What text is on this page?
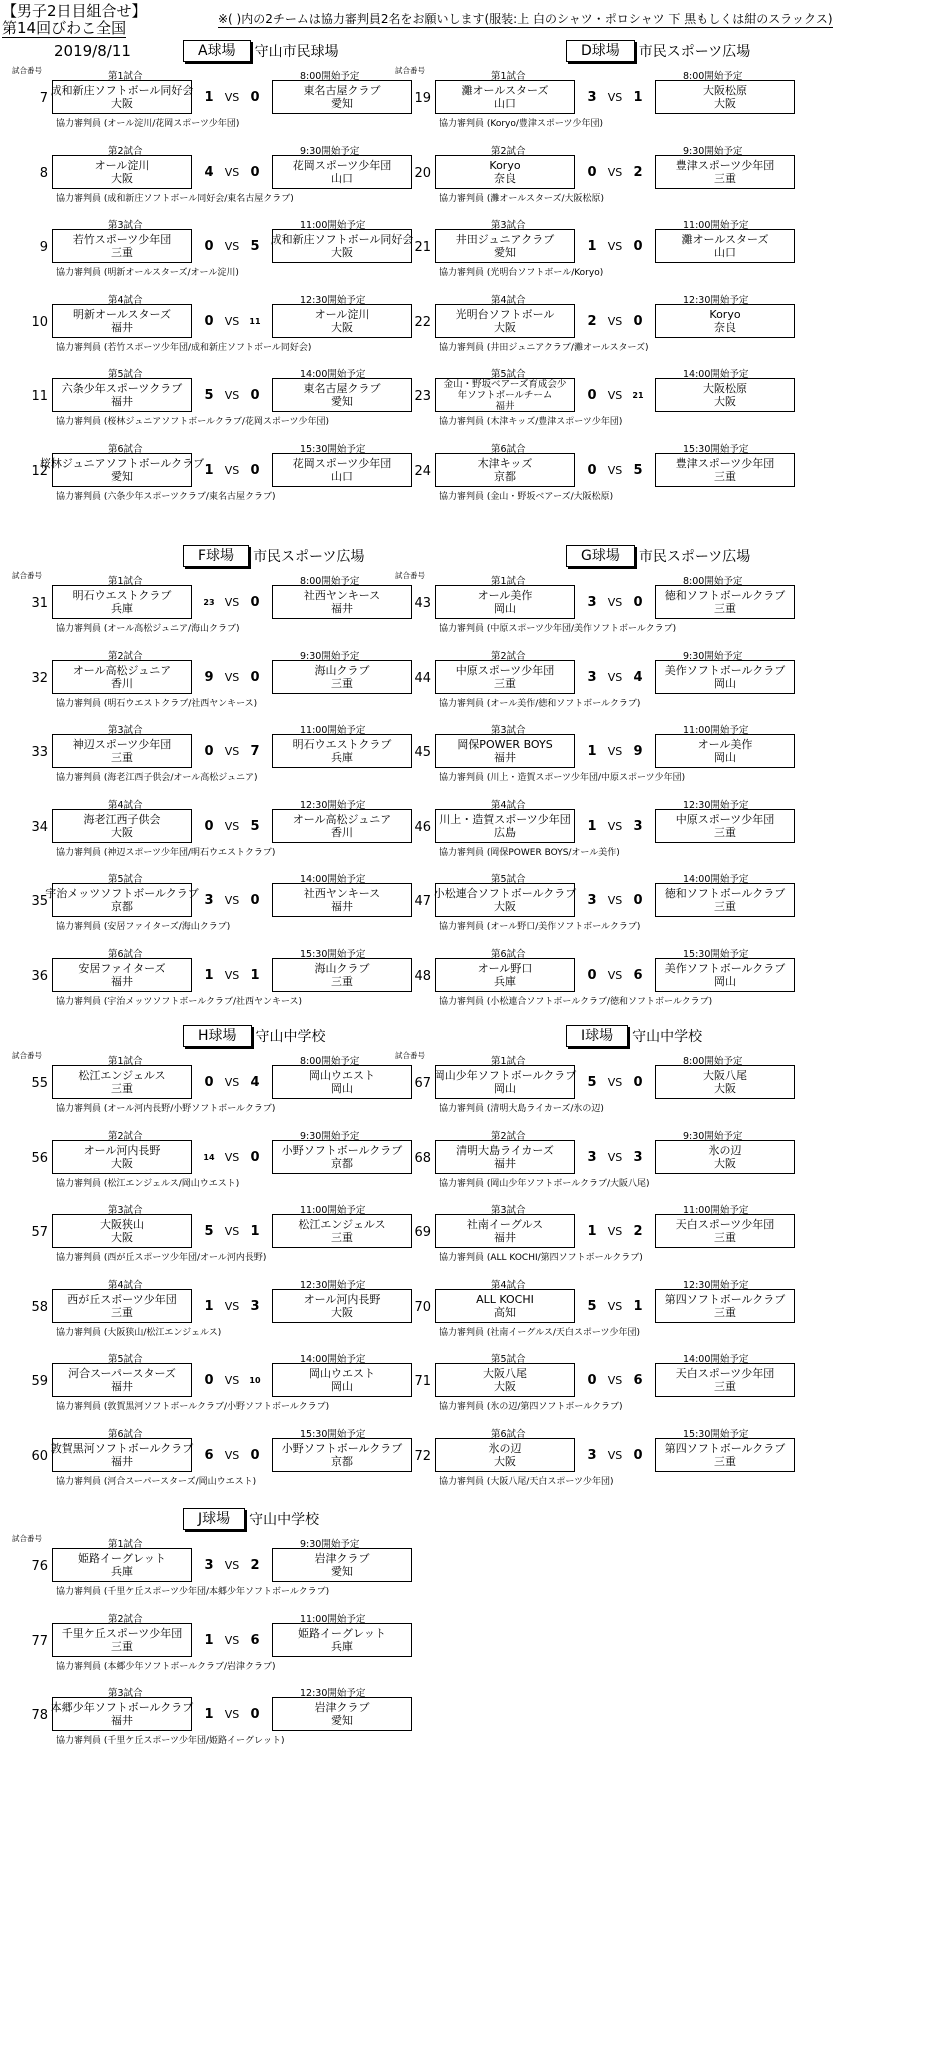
【男子2日目組合せ】
第14回びわこ全国	※( )内の2チームは協力審判員2名をお願いします(服装:上 白のシャツ・ポロシャツ 下 黒もしくは紺のスラックス)
2019/8/11	A球場	守山市民球場
試合番号
第1試合	8:00開始予定
7
成和新庄ソフトボール同好会
大阪
東名古屋クラブ
愛知
1	VS 0
協力審判員 (オール淀川/花岡スポーツ少年団)
第2試合	9:30開始予定
8
オール淀川
大阪
花岡スポーツ少年団
山口
4	VS 0
協力審判員 (成和新庄ソフトボール同好会/東名古屋クラブ)
第3試合	11:00開始予定
9
若竹スポーツ少年団
三重
成和新庄ソフトボール同好会
大阪
0	VS 5
協力審判員 (明新オールスターズ/オール淀川)
第4試合	12:30開始予定
10
明新オールスターズ
福井
オール淀川
大阪
0	VS	11
協力審判員 (若竹スポーツ少年団/成和新庄ソフトボール同好会)
第5試合	14:00開始予定
11
六条少年スポーツクラブ
福井
東名古屋クラブ
愛知
5	VS 0
協力審判員 (桜林ジュニアソフトボールクラブ/花岡スポーツ少年団)
第6試合	15:30開始予定
12
桜林ジュニアソフトボールクラブ
愛知
花岡スポーツ少年団
山口
1	VS 0
協力審判員 (六条少年スポーツクラブ/東名古屋クラブ)
D球場	市民スポーツ広場
試合番号
第1試合	8:00開始予定
19
灘オールスターズ
山口
大阪松原
大阪
3	VS 1
協力審判員 (Koryo/豊津スポーツ少年団)
第2試合	9:30開始予定
20
Koryo
奈良
豊津スポーツ少年団
三重
0	VS 2
協力審判員 (灘オールスターズ/大阪松原)
第3試合	11:00開始予定
21
井田ジュニアクラブ
愛知
灘オールスターズ
山口
1	VS 0
協力審判員 (光明台ソフトボール/Koryo)
第4試合	12:30開始予定
22
光明台ソフトボール
大阪
Koryo
奈良
2	VS 0
協力審判員 (井田ジュニアクラブ/灘オールスターズ)
第5試合	14:00開始予定
23
金山・野坂ベアーズ育成会少
年ソフトボールチーム
福井
大阪松原
大阪
0	VS	21
協力審判員 (木津キッズ/豊津スポーツ少年団)
第6試合	15:30開始予定
24
木津キッズ
京都
豊津スポーツ少年団
三重
0	VS 5
協力審判員 (金山・野坂ベアーズ/大阪松原)
F球場	市民スポーツ広場
試合番号
第1試合	8:00開始予定
31
明石ウエストクラブ
兵庫
社西ヤンキース
福井
23 VS 0
協力審判員 (オール高松ジュニア/海山クラブ)
第2試合	9:30開始予定
32
オール高松ジュニア
香川
海山クラブ
三重
9	VS 0
協力審判員 (明石ウエストクラブ/社西ヤンキース)
第3試合	11:00開始予定
33
神辺スポーツ少年団
三重
明石ウエストクラブ
兵庫
0	VS 7
協力審判員 (海老江西子供会/オール高松ジュニア)
第4試合	12:30開始予定
34
海老江西子供会
大阪
オール高松ジュニア
香川
0	VS 5
協力審判員 (神辺スポーツ少年団/明石ウエストクラブ)
第5試合	14:00開始予定
35
宇治メッツソフトボールクラブ
京都
社西ヤンキース
福井
3	VS 0
協力審判員 (安居ファイターズ/海山クラブ)
第6試合	15:30開始予定
36
安居ファイターズ
福井
海山クラブ
三重
1	VS 1
協力審判員 (宇治メッツソフトボールクラブ/社西ヤンキース)
G球場	市民スポーツ広場
試合番号
第1試合	8:00開始予定
43
オール美作
岡山
徳和ソフトボールクラブ
三重
3	VS 0
協力審判員 (中原スポーツ少年団/美作ソフトボールクラブ)
第2試合	9:30開始予定
44
中原スポーツ少年団
三重
美作ソフトボールクラブ
岡山
3	VS 4
協力審判員 (オール美作/徳和ソフトボールクラブ)
第3試合	11:00開始予定
45
岡保POWER BOYS
福井
オール美作
岡山
1	VS 9
協力審判員 (川上・造賀スポーツ少年団/中原スポーツ少年団)
第4試合	12:30開始予定
46
川上・造賀スポーツ少年団
広島
中原スポーツ少年団
三重
1	VS 3
協力審判員 (岡保POWER BOYS/オール美作)
第5試合	14:00開始予定
47
小松連合ソフトボールクラブ
大阪
徳和ソフトボールクラブ
三重
3	VS 0
協力審判員 (オール野口/美作ソフトボールクラブ)
第6試合	15:30開始予定
48
オール野口
兵庫
美作ソフトボールクラブ
岡山
0	VS 6
協力審判員 (小松連合ソフトボールクラブ/徳和ソフトボールクラブ)
H球場	守山中学校
試合番号
第1試合	8:00開始予定
55
松江エンジェルス
三重
岡山ウエスト
岡山
0	VS 4
協力審判員 (オール河内長野/小野ソフトボールクラブ)
第2試合	9:30開始予定
56
オール河内長野
大阪
小野ソフトボールクラブ
京都
14 VS 0
協力審判員 (松江エンジェルス/岡山ウエスト)
第3試合	11:00開始予定
57
大阪狭山
大阪
松江エンジェルス
三重
5	VS 1
協力審判員 (西が丘スポーツ少年団/オール河内長野)
第4試合	12:30開始予定
58
西が丘スポーツ少年団
三重
オール河内長野
大阪
1	VS 3
協力審判員 (大阪狭山/松江エンジェルス)
第5試合	14:00開始予定
59
河合スーパースターズ
福井
岡山ウエスト
岡山
0	VS	10
協力審判員 (敦賀黒河ソフトボールクラブ/小野ソフトボールクラブ)
第6試合	15:30開始予定
60
敦賀黒河ソフトボールクラブ
福井
小野ソフトボールクラブ
京都
6	VS 0
協力審判員 (河合スーパースターズ/岡山ウエスト)
I球場	守山中学校
試合番号
第1試合	8:00開始予定
67
岡山少年ソフトボールクラブ
岡山
大阪八尾
大阪
5	VS 0
協力審判員 (清明大島ライカーズ/氷の辺)
第2試合	9:30開始予定
68
清明大島ライカーズ
福井
氷の辺
大阪
3	VS 3
協力審判員 (岡山少年ソフトボールクラブ/大阪八尾)
第3試合	11:00開始予定
69
社南イーグルス
福井
天白スポーツ少年団
三重
1	VS 2
協力審判員 (ALL KOCHI/第四ソフトボールクラブ)
第4試合	12:30開始予定
70
ALL KOCHI
高知
第四ソフトボールクラブ
三重
5	VS 1
協力審判員 (社南イーグルス/天白スポーツ少年団)
第5試合	14:00開始予定
71
大阪八尾
大阪
天白スポーツ少年団
三重
0	VS 6
協力審判員 (氷の辺/第四ソフトボールクラブ)
第6試合	15:30開始予定
72
氷の辺
大阪
第四ソフトボールクラブ
三重
3	VS 0
協力審判員 (大阪八尾/天白スポーツ少年団)
J球場	守山中学校
試合番号
第1試合	9:30開始予定
76
姫路イーグレット
兵庫
岩津クラブ
愛知
3	VS 2
協力審判員 (千里ケ丘スポーツ少年団/本郷少年ソフトボールクラブ)
第2試合	11:00開始予定
77
千里ケ丘スポーツ少年団
三重
姫路イーグレット
兵庫
1	VS 6
協力審判員 (本郷少年ソフトボールクラブ/岩津クラブ)
第3試合	12:30開始予定
78
本郷少年ソフトボールクラブ
福井
岩津クラブ
愛知
1	VS 0
協力審判員 (千里ケ丘スポーツ少年団/姫路イーグレット)
